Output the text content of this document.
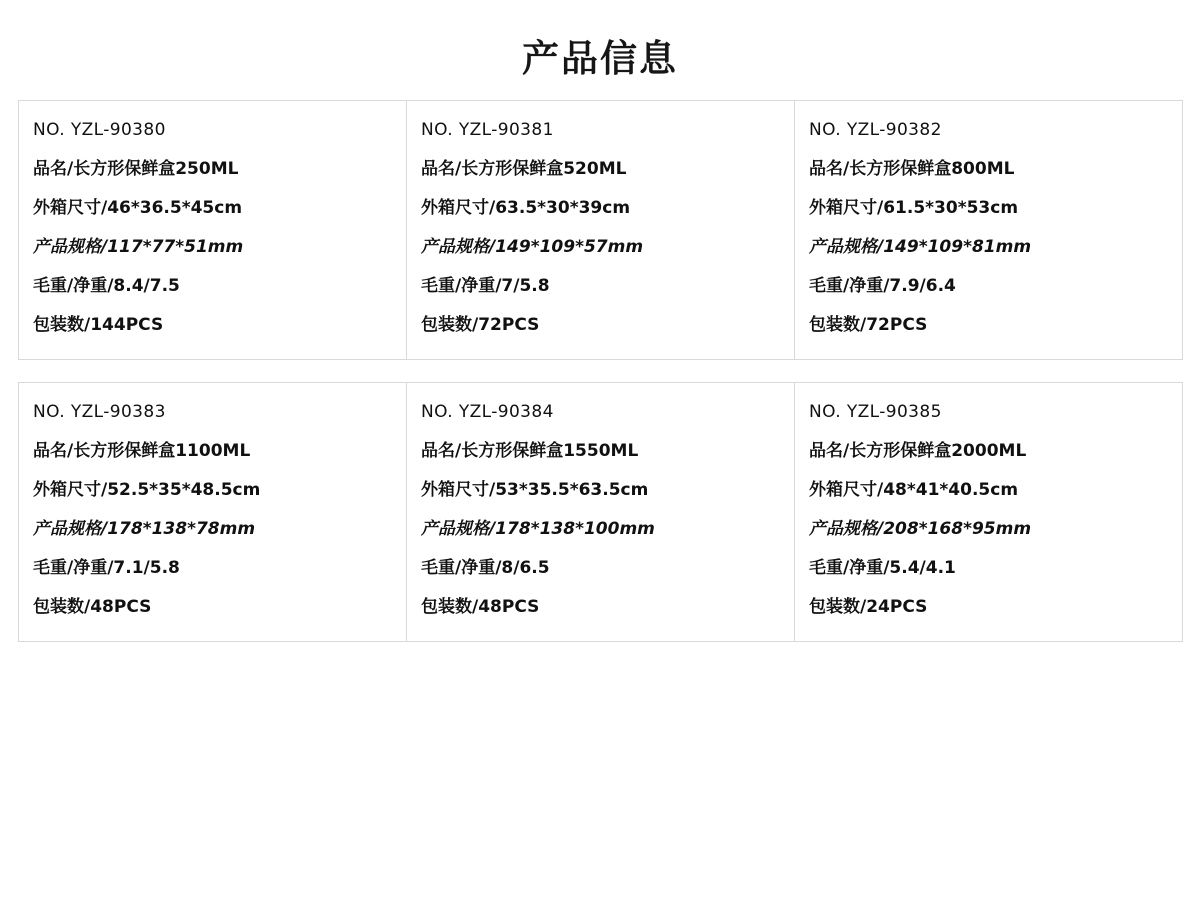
产品信息
NO. YZL-90380
品名/长方形保鲜盒250ML
外箱尺寸/46*36.5*45cm
产品规格/117*77*51mm
毛重/净重/8.4/7.5
包装数/144PCS

NO. YZL-90381
品名/长方形保鲜盒520ML
外箱尺寸/63.5*30*39cm
产品规格/149*109*57mm
毛重/净重/7/5.8
包装数/72PCS

NO. YZL-90382
品名/长方形保鲜盒800ML
外箱尺寸/61.5*30*53cm
产品规格/149*109*81mm
毛重/净重/7.9/6.4
包装数/72PCS

NO. YZL-90383
品名/长方形保鲜盒1100ML
外箱尺寸/52.5*35*48.5cm
产品规格/178*138*78mm
毛重/净重/7.1/5.8
包装数/48PCS

NO. YZL-90384
品名/长方形保鲜盒1550ML
外箱尺寸/53*35.5*63.5cm
产品规格/178*138*100mm
毛重/净重/8/6.5
包装数/48PCS

NO. YZL-90385
品名/长方形保鲜盒2000ML
外箱尺寸/48*41*40.5cm
产品规格/208*168*95mm
毛重/净重/5.4/4.1
包装数/24PCS
